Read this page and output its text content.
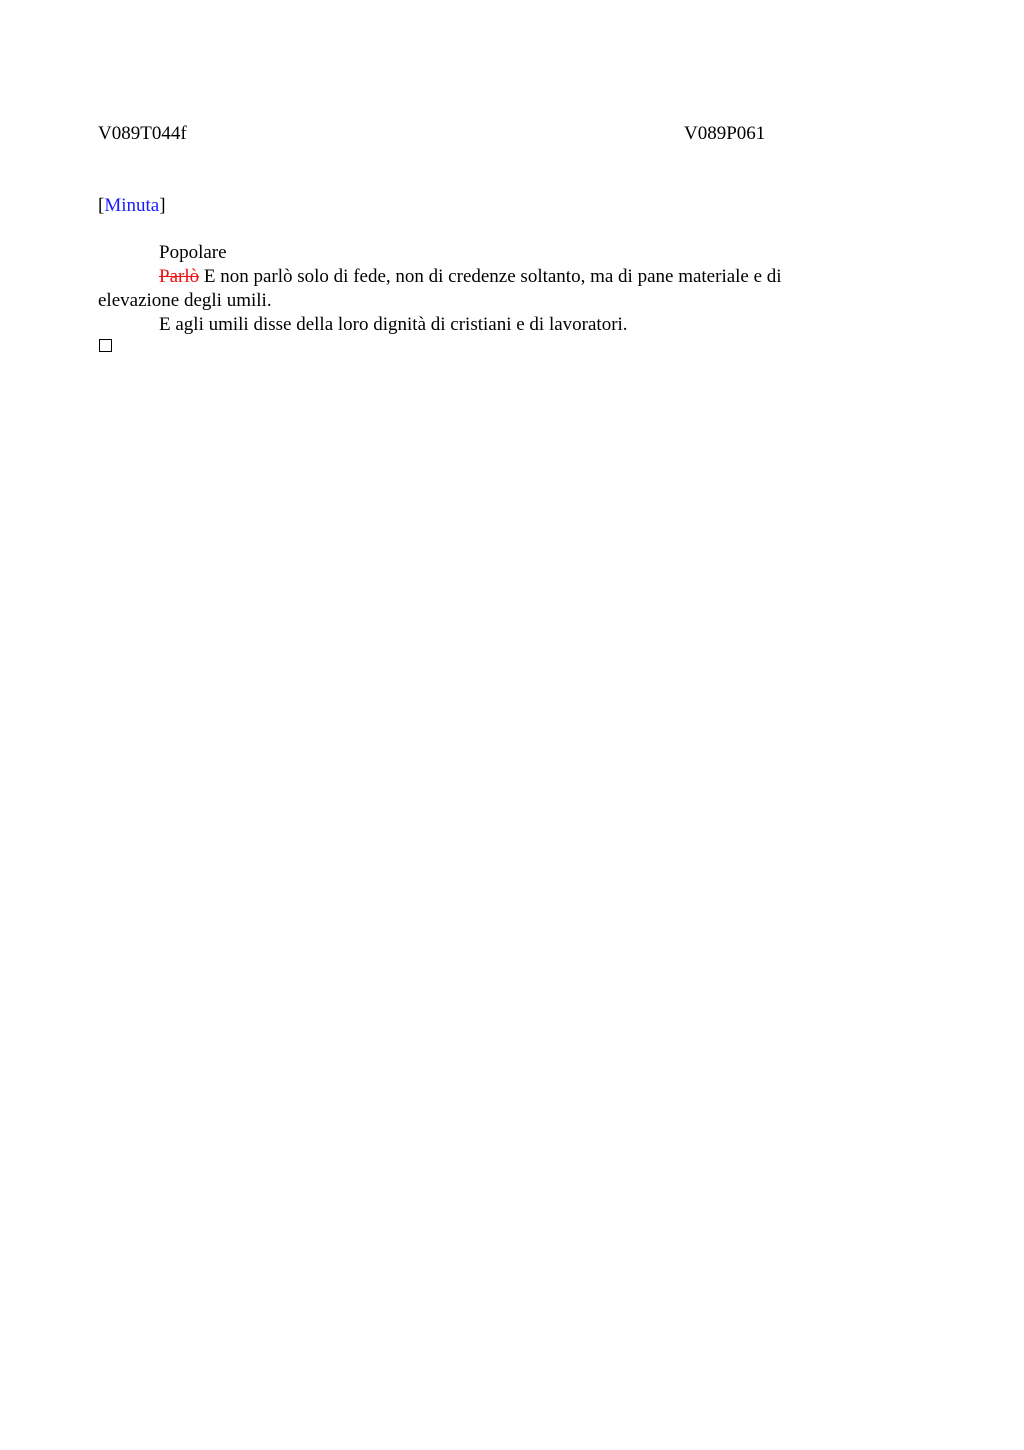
V089T044f	V089P061
[Minuta]

Popolare

Parlò E non parlò solo di fede, non di credenze soltanto, ma di pane materiale e di elevazione degli umili.

E agli umili disse della loro dignità di cristiani e di lavoratori.
